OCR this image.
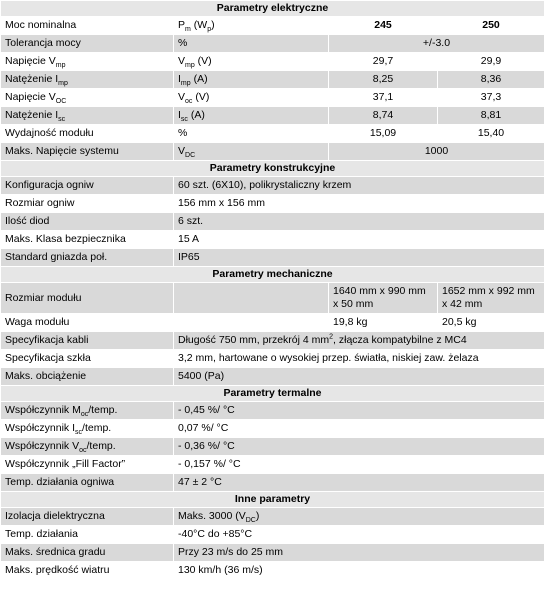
Parametry elektryczne			
Moc nominalna	$P_m$ $(W_p)$	245	250
Tolerancja mocy	%	+/-3.0	
Napięcie $V_{mp}$	$V_{mp}$ (V)	29,7	29,9
Natężenie $I_{mp}$	$I_{mp}$ (A)	8,25	8,36
Napięcie $V_{OC}$	$V_{oc}$ (V)	37,1	37,3
Natężenie $I_{sc}$	$I_{sc}$ (A)	8,74	8,81
Wydajność modułu	%	15,09	15,40
Maks. Napięcie systemu	$V_{DC}$	1000	
Parametry konstrukcyjne			
Konfiguracja ogniw	60 szt. (6X10), polikrystaliczny krzem		
Rozmiar ogniw	156 mm x 156 mm		
Ilość diod	6 szt.		
Maks. Klasa bezpiecznika	15 A		
Standard gniazda poł.	IP65		
Parametry mechaniczne			
Rozmiar modułu		1640 mm x 990 mm x 50 mm	1652 mm x 992 mm x 42 mm
Waga modułu		19,8 kg	20,5 kg
Specyfikacja kabli	Długość 750 mm, przekrój 4 $mm^2$, złącza kompatybilne z MC4		
Specyfikacja szkła	3,2 mm, hartowane o wysokiej przep. światła, niskiej zaw. żelaza		
Maks. obciążenie	5400 (Pa)		
Parametry termalne			
Współczynnik $M_{oc}$/temp.	- 0,45 %/ °C		
Współczynnik $I_{sc}$/temp.	0,07 %/ °C		
Współczynnik $V_{oc}$/temp.	- 0,36 %/ °C		
Współczynnik „Fill Factor”	- 0,157 %/ °C		
Temp. działania ogniwa	47 ± 2 °C		
Inne parametry			
Izolacja dielektryczna	Maks. 3000 $(V_{DC})$		
Temp. działania	-40°C do +85°C		
Maks. średnica gradu	Przy 23 m/s do 25 mm		
Maks. prędkość wiatru	130 km/h (36 m/s)		
